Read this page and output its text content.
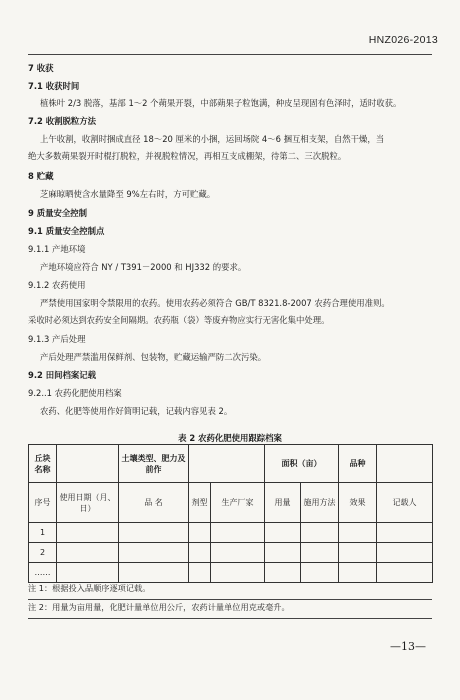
HNZ026-2013
7 收获
7.1 收获时间
植株叶 2/3 脱落，基部 1～2 个蒴果开裂，中部蒴果子粒饱满，种皮呈现固有色泽时，适时收获。
7.2 收割脱粒方法
上午收割，收割时捆成直径 18～20 厘米的小捆，运回场院 4～6 捆互相支架，自然干燥，当
绝大多数蒴果裂开时棍打脱粒，并视脱粒情况，再相互支成棚架，待第二、三次脱粒。
8 贮藏
芝麻晾晒使含水量降至 9%左右时，方可贮藏。
9 质量安全控制
9.1 质量安全控制点
9.1.1 产地环境
产地环境应符合 NY / T391－2000 和 HJ332 的要求。
9.1.2 农药使用
严禁使用国家明令禁限用的农药。使用农药必须符合 GB/T 8321.8-2007 农药合理使用准则。
采收时必须达到农药安全间隔期。农药瓶（袋）等废弃物应实行无害化集中处理。
9.1.3 产后处理
产后处理严禁滥用保鲜剂、包装物，贮藏运输严防二次污染。
9.2 田间档案记载
9.2..1 农药化肥使用档案
农药、化肥等使用作好简明记载，记载内容见表 2。
表 2 农药化肥使用跟踪档案
丘块名称		土壤类型、肥力及前作			面积（亩）		品种	
序号	使用日期（月、日）	品 名	剂型	生产厂家	用量	施用方法	效果	记载人
1								
2								
……								
注 1：根据投入品顺序逐项记载。
注 2：用量为亩用量，化肥计量单位用公斤，农药计量单位用克或毫升。
—13—
